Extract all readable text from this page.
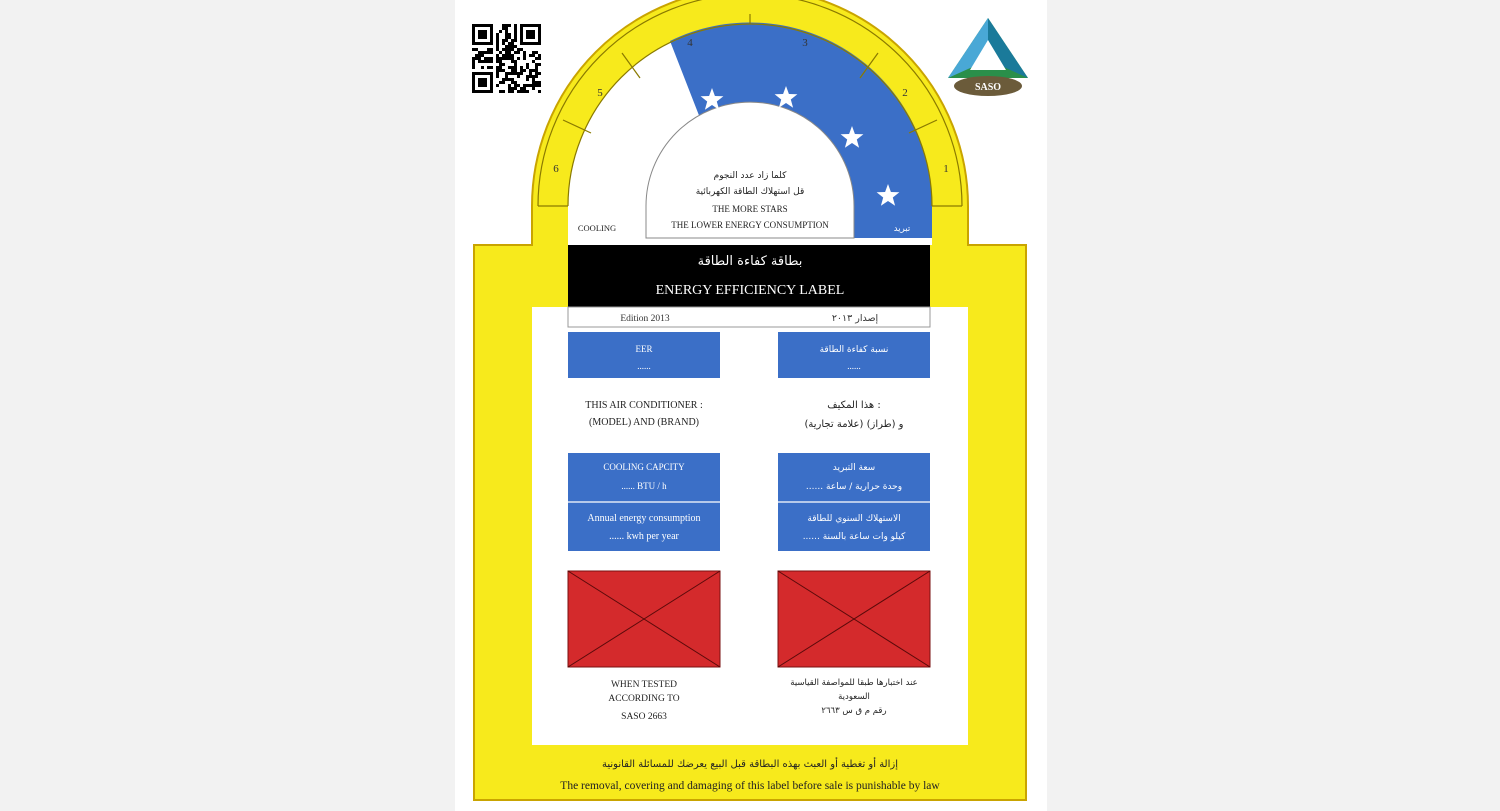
6
5
4	3
2
1
كلما زاد عدد النجوم
قل استهلاك الطاقة الكهربائية
THE MORE STARS
THE LOWER ENERGY CONSUMPTION
COOLING	تبريد
بطاقة كفاءة الطاقة
ENERGY EFFICIENCY LABEL
Edition 2013	إصدار ٢٠١٣
EER
......
نسبة كفاءة الطاقة
......
THIS AIR CONDITIONER :
(MODEL) AND (BRAND)
هذا المكيف :
(علامة تجارية) و (طراز)
COOLING CAPCITY
...... BTU / h
Annual energy consumption
...... kwh per year
سعة التبريد
...... وحدة حرارية / ساعة
الاستهلاك السنوي للطاقة
...... كيلو وات ساعة بالسنة
WHEN TESTED
ACCORDING TO
SASO 2663
عند اختبارها طبقا للمواصفة القياسية
السعودية
رقم م ق س ٢٦٦٣
إزالة أو تغطية أو العبث بهذه البطاقة قبل البيع يعرضك للمسائلة القانونية
The removal, covering and damaging of this label before sale is punishable by law
SASO
